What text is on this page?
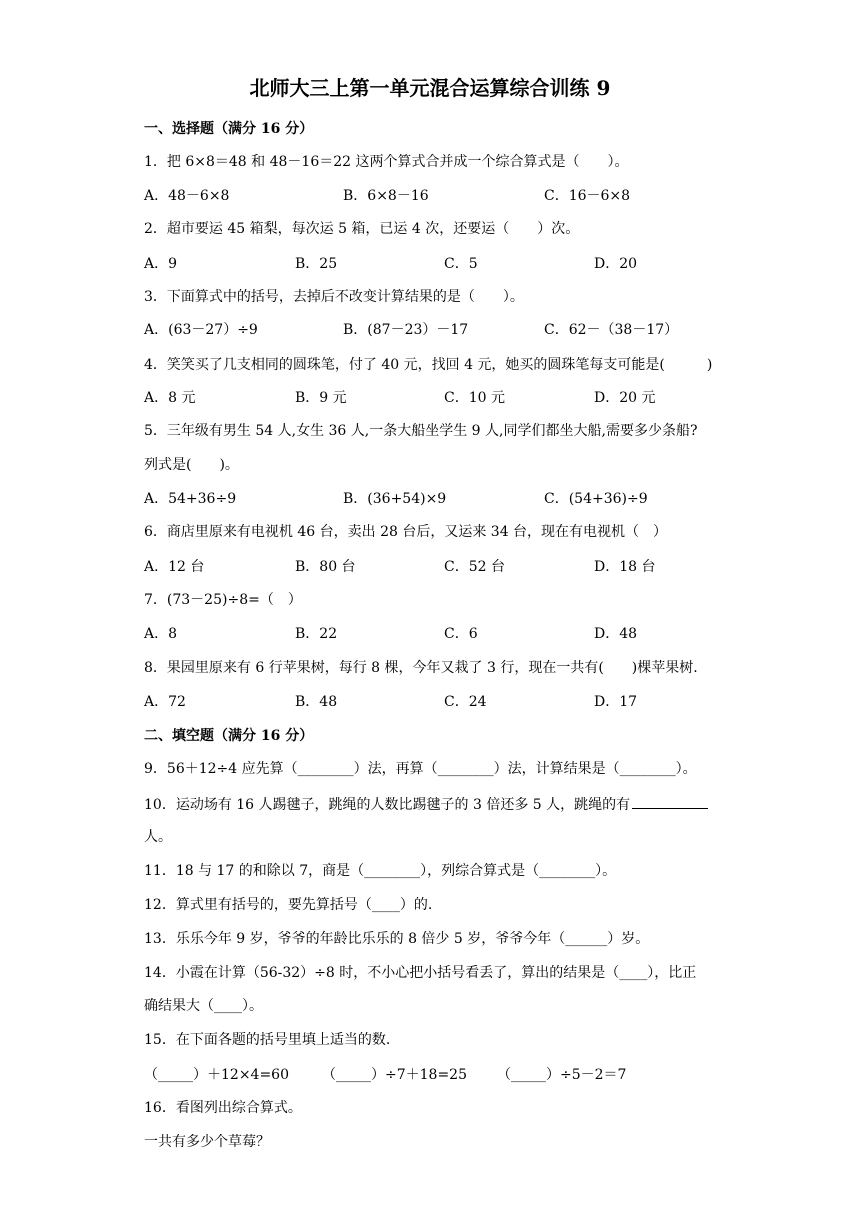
北师大三上第一单元混合运算综合训练 9
一、选择题（满分 16 分）
1．把 6×8＝48 和 48－16＝22 这两个算式合并成一个综合算式是（　　）。
A．48－6×8	B．6×8－16	C．16－6×8
2．超市要运 45 箱梨，每次运 5 箱，已运 4 次，还要运（　　）次。
A．9	B．25	C．5	D．20
3．下面算式中的括号，去掉后不改变计算结果的是（　　）。
A．(63－27）÷9	B．(87－23）－17	C．62－（38－17）
4．笑笑买了几支相同的圆珠笔，付了 40 元，找回 4 元，她买的圆珠笔每支可能是(　　　)
A．8 元	B．9 元	C．10 元	D．20 元
5．三年级有男生 54 人,女生 36 人,一条大船坐学生 9 人,同学们都坐大船,需要多少条船?
列式是(　　)。
A．54+36÷9	B．(36+54)×9	C．(54+36)÷9
6．商店里原来有电视机 46 台，卖出 28 台后，又运来 34 台，现在有电视机（　）
A．12 台	B．80 台	C．52 台	D．18 台
7．(73－25)÷8=（　）
A．8	B．22	C．6	D．48
8．果园里原来有 6 行苹果树，每行 8 棵，今年又栽了 3 行，现在一共有(　　)棵苹果树.
A．72	B．48	C．24	D．17
二、填空题（满分 16 分）
9．56＋12÷4 应先算（________）法，再算（________）法，计算结果是（________）。
10．运动场有 16 人踢毽子，跳绳的人数比踢毽子的 3 倍还多 5 人，跳绳的有
人。
11．18 与 17 的和除以 7，商是（________），列综合算式是（________）。
12．算式里有括号的，要先算括号（____）的.
13．乐乐今年 9 岁，爷爷的年龄比乐乐的 8 倍少 5 岁，爷爷今年（______）岁。
14．小霞在计算（56-32）÷8 时，不小心把小括号看丢了，算出的结果是（____），比正
确结果大（____）。
15．在下面各题的括号里填上适当的数.
（_____）＋12×4=60 （_____）÷7＋18=25 （_____）÷5－2＝7
16．看图列出综合算式。
一共有多少个草莓？
